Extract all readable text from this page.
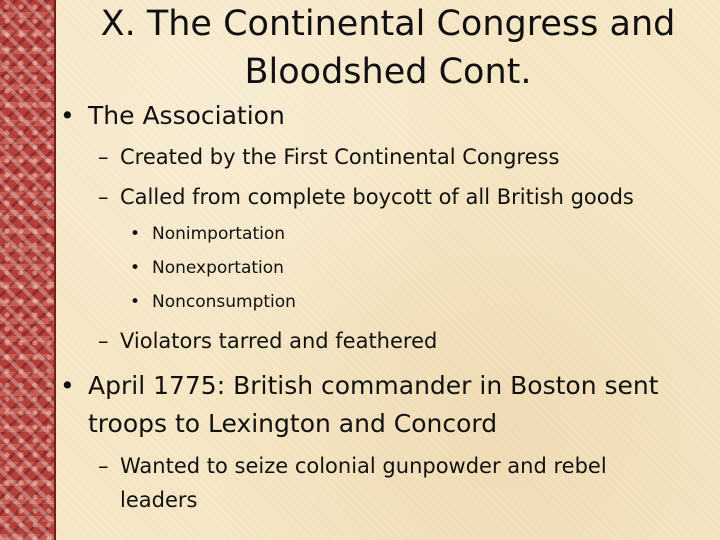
X. The Continental Congress and
Bloodshed Cont.
• The Association
– Created by the First Continental Congress
– Called from complete boycott of all British goods
• Nonimportation
• Nonexportation
• Nonconsumption
– Violators tarred and feathered
• April 1775: British commander in Boston sent
troops to Lexington and Concord
– Wanted to seize colonial gunpowder and rebel
leaders
